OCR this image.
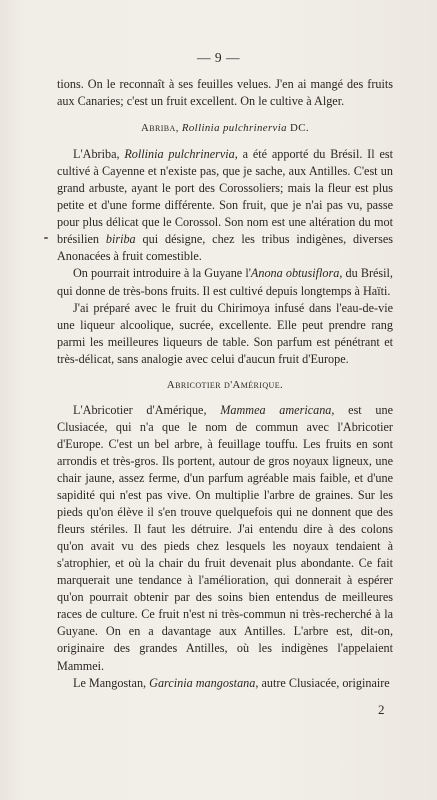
— 9 —

tions. On le reconnaît à ses feuilles velues. J'en ai mangé des fruits aux Canaries; c'est un fruit excellent. On le cultive à Alger.

Abriba, Rollinia pulchrinervia DC.

L'Abriba, Rollinia pulchrinervia, a été apporté du Brésil. Il est cultivé à Cayenne et n'existe pas, que je sache, aux Antilles. C'est un grand arbuste, ayant le port des Corossoliers; mais la fleur est plus petite et d'une forme différente. Son fruit, que je n'ai pas vu, passe pour plus délicat que le Corossol. Son nom est une altération du mot brésilien biriba qui désigne, chez les tribus indigènes, diverses Anonacées à fruit comestible.

On pourrait introduire à la Guyane l'Anona obtusiflora, du Brésil, qui donne de très-bons fruits. Il est cultivé depuis longtemps à Haïti.

J'ai préparé avec le fruit du Chirimoya infusé dans l'eau-de-vie une liqueur alcoolique, sucrée, excellente. Elle peut prendre rang parmi les meilleures liqueurs de table. Son parfum est pénétrant et très-délicat, sans analogie avec celui d'aucun fruit d'Europe.

Abricotier d'Amérique.

L'Abricotier d'Amérique, Mammea americana, est une Clusiacée, qui n'a que le nom de commun avec l'Abricotier d'Europe. C'est un bel arbre, à feuillage touffu. Les fruits en sont arrondis et très-gros. Ils portent, autour de gros noyaux ligneux, une chair jaune, assez ferme, d'un parfum agréable mais faible, et d'une sapidité qui n'est pas vive. On multiplie l'arbre de graines. Sur les pieds qu'on élève il s'en trouve quelquefois qui ne donnent que des fleurs stériles. Il faut les détruire. J'ai entendu dire à des colons qu'on avait vu des pieds chez lesquels les noyaux tendaient à s'atrophier, et où la chair du fruit devenait plus abondante. Ce fait marquerait une tendance à l'amélioration, qui donnerait à espérer qu'on pourrait obtenir par des soins bien entendus de meilleures races de culture. Ce fruit n'est ni très-commun ni très-recherché à la Guyane. On en a davantage aux Antilles. L'arbre est, dit-on, originaire des grandes Antilles, où les indigènes l'appelaient Mammei.

Le Mangostan, Garcinia mangostana, autre Clusiacée, originaire

2
